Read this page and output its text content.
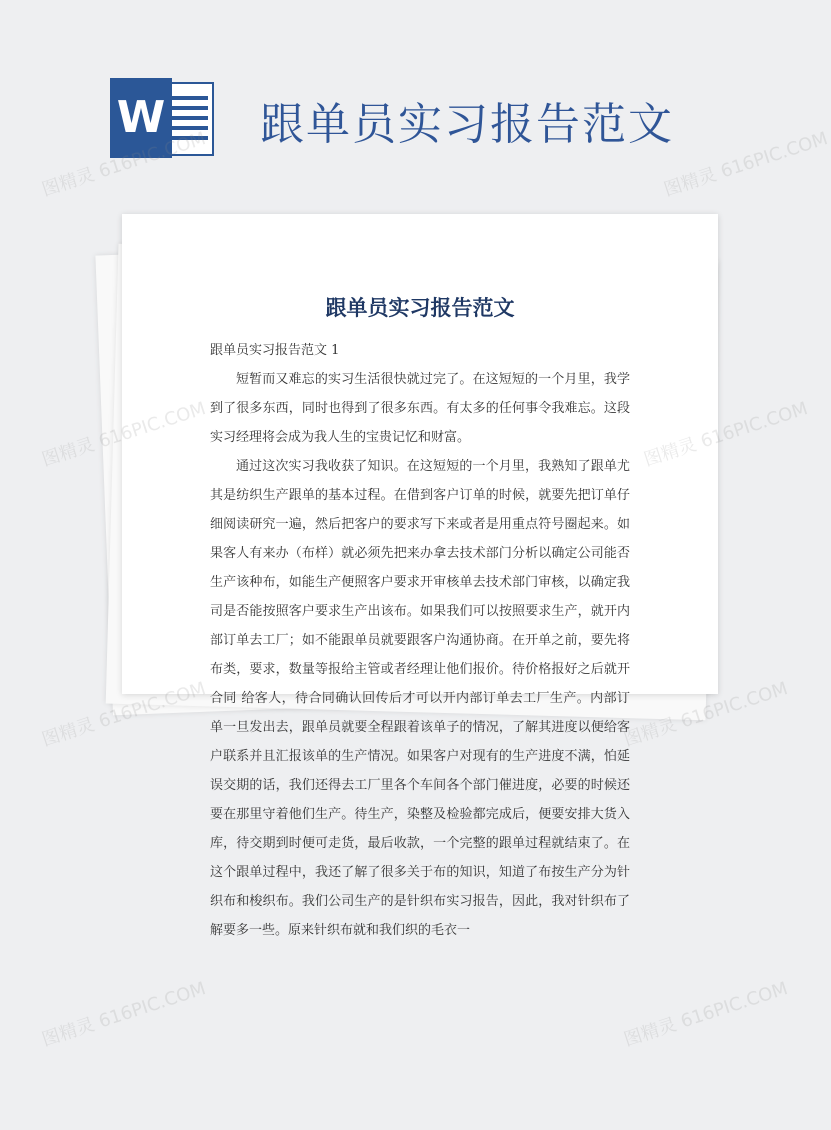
W 跟单员实习报告范文
跟单员实习报告范文

跟单员实习报告范文 1

短暂而又难忘的实习生活很快就过完了。在这短短的一个月里，我学到了很多东西，同时也得到了很多东西。有太多的任何事令我难忘。这段实习经理将会成为我人生的宝贵记忆和财富。

通过这次实习我收获了知识。在这短短的一个月里，我熟知了跟单尤其是纺织生产跟单的基本过程。在借到客户订单的时候，就要先把订单仔细阅读研究一遍，然后把客户的要求写下来或者是用重点符号圈起来。如果客人有来办（布样）就必须先把来办拿去技术部门分析以确定公司能否生产该种布，如能生产便照客户要求开审核单去技术部门审核，以确定我司是否能按照客户要求生产出该布。如果我们可以按照要求生产，就开内部订单去工厂；如不能跟单员就要跟客户沟通协商。在开单之前，要先将布类，要求，数量等报给主管或者经理让他们报价。待价格报好之后就开合同 给客人，待合同确认回传后才可以开内部订单去工厂生产。内部订单一旦发出去，跟单员就要全程跟着该单子的情况，了解其进度以便给客户联系并且汇报该单的生产情况。如果客户对现有的生产进度不满，怕延误交期的话，我们还得去工厂里各个车间各个部门催进度，必要的时候还要在那里守着他们生产。待生产，染整及检验都完成后，便要安排大货入库，待交期到时便可走货，最后收款，一个完整的跟单过程就结束了。在这个跟单过程中，我还了解了很多关于布的知识，知道了布按生产分为针织布和梭织布。我们公司生产的是针织布实习报告，因此，我对针织布了解要多一些。原来针织布就和我们织的毛衣一

图精灵 616PIC.COM	图精灵 616PIC.COM
图精灵	图精灵 616PIC.COM
图精灵	图精灵 616PIC.COM
图精灵 616PIC.COM	图精灵 616PIC.COM
